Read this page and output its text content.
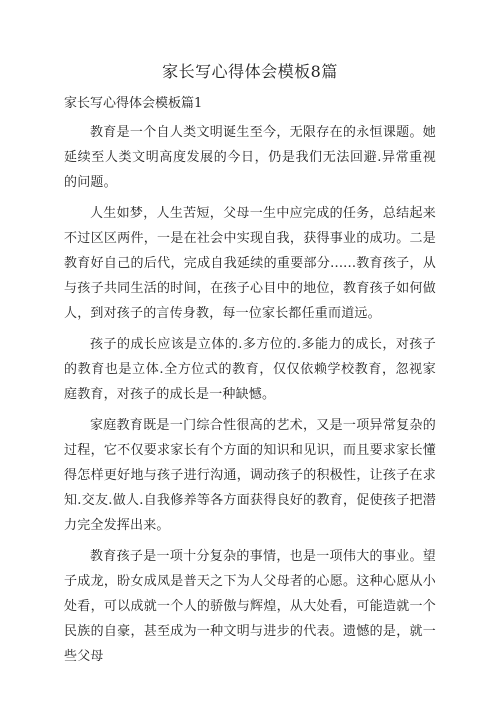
家长写心得体会模板8篇
家长写心得体会模板篇1

教育是一个自人类文明诞生至今，无限存在的永恒课题。她延续至人类文明高度发展的今日，仍是我们无法回避.异常重视的问题。

人生如梦，人生苦短，父母一生中应完成的任务，总结起来不过区区两件，一是在社会中实现自我，获得事业的成功。二是教育好自己的后代，完成自我延续的重要部分......教育孩子，从与孩子共同生活的时间，在孩子心目中的地位，教育孩子如何做人，到对孩子的言传身教，每一位家长都任重而道远。

孩子的成长应该是立体的.多方位的.多能力的成长，对孩子的教育也是立体.全方位式的教育，仅仅依赖学校教育，忽视家庭教育，对孩子的成长是一种缺憾。

家庭教育既是一门综合性很高的艺术，又是一项异常复杂的过程，它不仅要求家长有个方面的知识和见识，而且要求家长懂得怎样更好地与孩子进行沟通，调动孩子的积极性，让孩子在求知.交友.做人.自我修养等各方面获得良好的教育，促使孩子把潜力完全发挥出来。

教育孩子是一项十分复杂的事情，也是一项伟大的事业。望子成龙，盼女成凤是普天之下为人父母者的心愿。这种心愿从小处看，可以成就一个人的骄傲与辉煌，从大处看，可能造就一个民族的自豪，甚至成为一种文明与进步的代表。遗憾的是，就一些父母
